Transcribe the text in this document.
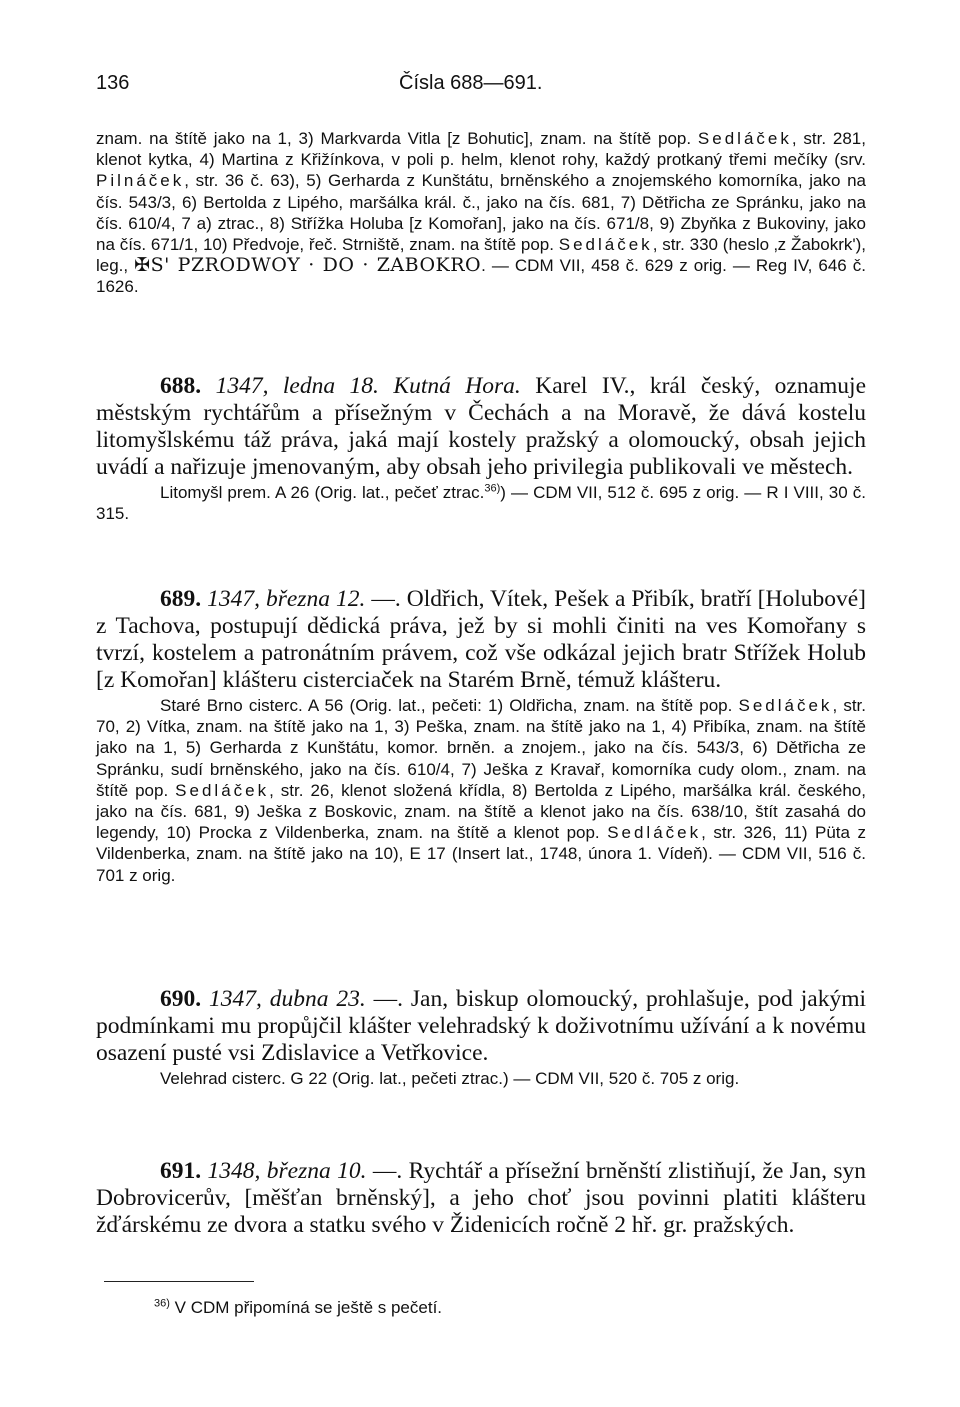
136	Čísla 688—691.
znam. na štítě jako na 1, 3) Markvarda Vitla [z Bohutic], znam. na štítě pop. Sedláček, str. 281, klenot kytka, 4) Martina z Křižínkova, v poli p. helm, klenot rohy, každý protkaný třemi mečíky (srv. Pilnáček, str. 36 č. 63), 5) Gerharda z Kunštátu, brněnského a znojemského komorníka, jako na čís. 543/3, 6) Bertolda z Lipého, maršálka král. č., jako na čís. 681, 7) Dětřicha ze Spránku, jako na čís. 610/4, 7 a) ztrac., 8) Střížka Holuba [z Komořan], jako na čís. 671/8, 9) Zbyňka z Bukoviny, jako na čís. 671/1, 10) Předvoje, řeč. Strniště, znam. na štítě pop. Sedláček, str. 330 (heslo ‚z Žabokrk'), leg., ✠S' PZRODWOY · DO · ZABOKRO. — CDM VII, 458 č. 629 z orig. — Reg IV, 646 č. 1626.

688. 1347, ledna 18. Kutná Hora. Karel IV., král český, oznamuje městským rychtářům a přísežným v Čechách a na Moravě, že dává kostelu litomyšlskému táž práva, jaká mají kostely pražský a olomoucký, obsah jejich uvádí a nařizuje jmenovaným, aby obsah jeho privilegia publikovali ve městech.

Litomyšl prem. A 26 (Orig. lat., pečeť ztrac.$^{36)}$) — CDM VII, 512 č. 695 z orig. — R I VIII, 30 č. 315.

689. 1347, března 12. —. Oldřich, Vítek, Pešek a Přibík, bratří [Holubové] z Tachova, postupují dědická práva, jež by si mohli činiti na ves Komořany s tvrzí, kostelem a patronátním právem, což vše odkázal jejich bratr Střížek Holub [z Komořan] klášteru cisterciaček na Starém Brně, témuž klášteru.

Staré Brno cisterc. A 56 (Orig. lat., pečeti: 1) Oldřicha, znam. na štítě pop. Sedláček, str. 70, 2) Vítka, znam. na štítě jako na 1, 3) Peška, znam. na štítě jako na 1, 4) Přibíka, znam. na štítě jako na 1, 5) Gerharda z Kunštátu, komor. brněn. a znojem., jako na čís. 543/3, 6) Dětřicha ze Spránku, sudí brněnského, jako na čís. 610/4, 7) Ješka z Kravař, komorníka cudy olom., znam. na štítě pop. Sedláček, str. 26, klenot složená křídla, 8) Bertolda z Lipého, maršálka král. českého, jako na čís. 681, 9) Ješka z Boskovic, znam. na štítě a klenot jako na čís. 638/10, štít zasahá do legendy, 10) Procka z Vildenberka, znam. na štítě a klenot pop. Sedláček, str. 326, 11) Püta z Vildenberka, znam. na štítě jako na 10), E 17 (Insert lat., 1748, února 1. Vídeň). — CDM VII, 516 č. 701 z orig.

690. 1347, dubna 23. —. Jan, biskup olomoucký, prohlašuje, pod jakými podmínkami mu propůjčil klášter velehradský k doživotnímu užívání a k novému osazení pusté vsi Zdislavice a Vetřkovice.

Velehrad cisterc. G 22 (Orig. lat., pečeti ztrac.) — CDM VII, 520 č. 705 z orig.

691. 1348, března 10. —. Rychtář a přísežní brněnští zlistiňují, že Jan, syn Dobrovicerův, [měšťan brněnský], a jeho choť jsou povinni platiti klášteru žďárskému ze dvora a statku svého v Židenicích ročně 2 hř. gr. pražských.

$^{36)}$ V CDM připomíná se ještě s pečetí.
